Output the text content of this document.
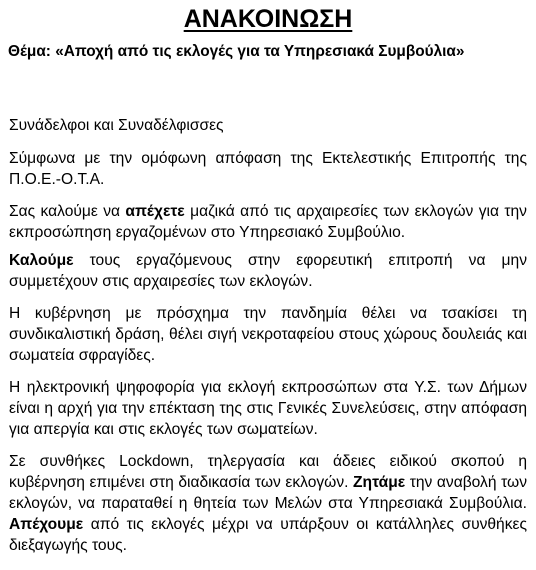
ΑΝΑΚΟΙΝΩΣΗ
Θέμα: «Αποχή από τις εκλογές για τα Υπηρεσιακά Συμβούλια»
Συνάδελφοι και Συναδέλφισσες
Σύμφωνα με την ομόφωνη απόφαση της Εκτελεστικής Επιτροπής της Π.Ο.Ε.-Ο.Τ.Α.
Σας καλούμε να απέχετε μαζικά από τις αρχαιρεσίες των εκλογών για την εκπροσώπηση εργαζομένων στο Υπηρεσιακό Συμβούλιο.
Καλούμε τους εργαζόμενους στην εφορευτική επιτροπή να μην συμμετέχουν στις αρχαιρεσίες των εκλογών.
Η κυβέρνηση με πρόσχημα την πανδημία θέλει να τσακίσει τη συνδικαλιστική δράση, θέλει σιγή νεκροταφείου στους χώρους δουλειάς και σωματεία σφραγίδες.
Η ηλεκτρονική ψηφοφορία για εκλογή εκπροσώπων στα Υ.Σ. των Δήμων είναι η αρχή για την επέκταση της στις Γενικές Συνελεύσεις, στην απόφαση για απεργία και στις εκλογές των σωματείων.
Σε συνθήκες Lockdown, τηλεργασία και άδειες ειδικού σκοπού η κυβέρνηση επιμένει στη διαδικασία των εκλογών. Ζητάμε την αναβολή των εκλογών, να παραταθεί η θητεία των Μελών στα Υπηρεσιακά Συμβούλια. Απέχουμε από τις εκλογές μέχρι να υπάρξουν οι κατάλληλες συνθήκες διεξαγωγής τους.
